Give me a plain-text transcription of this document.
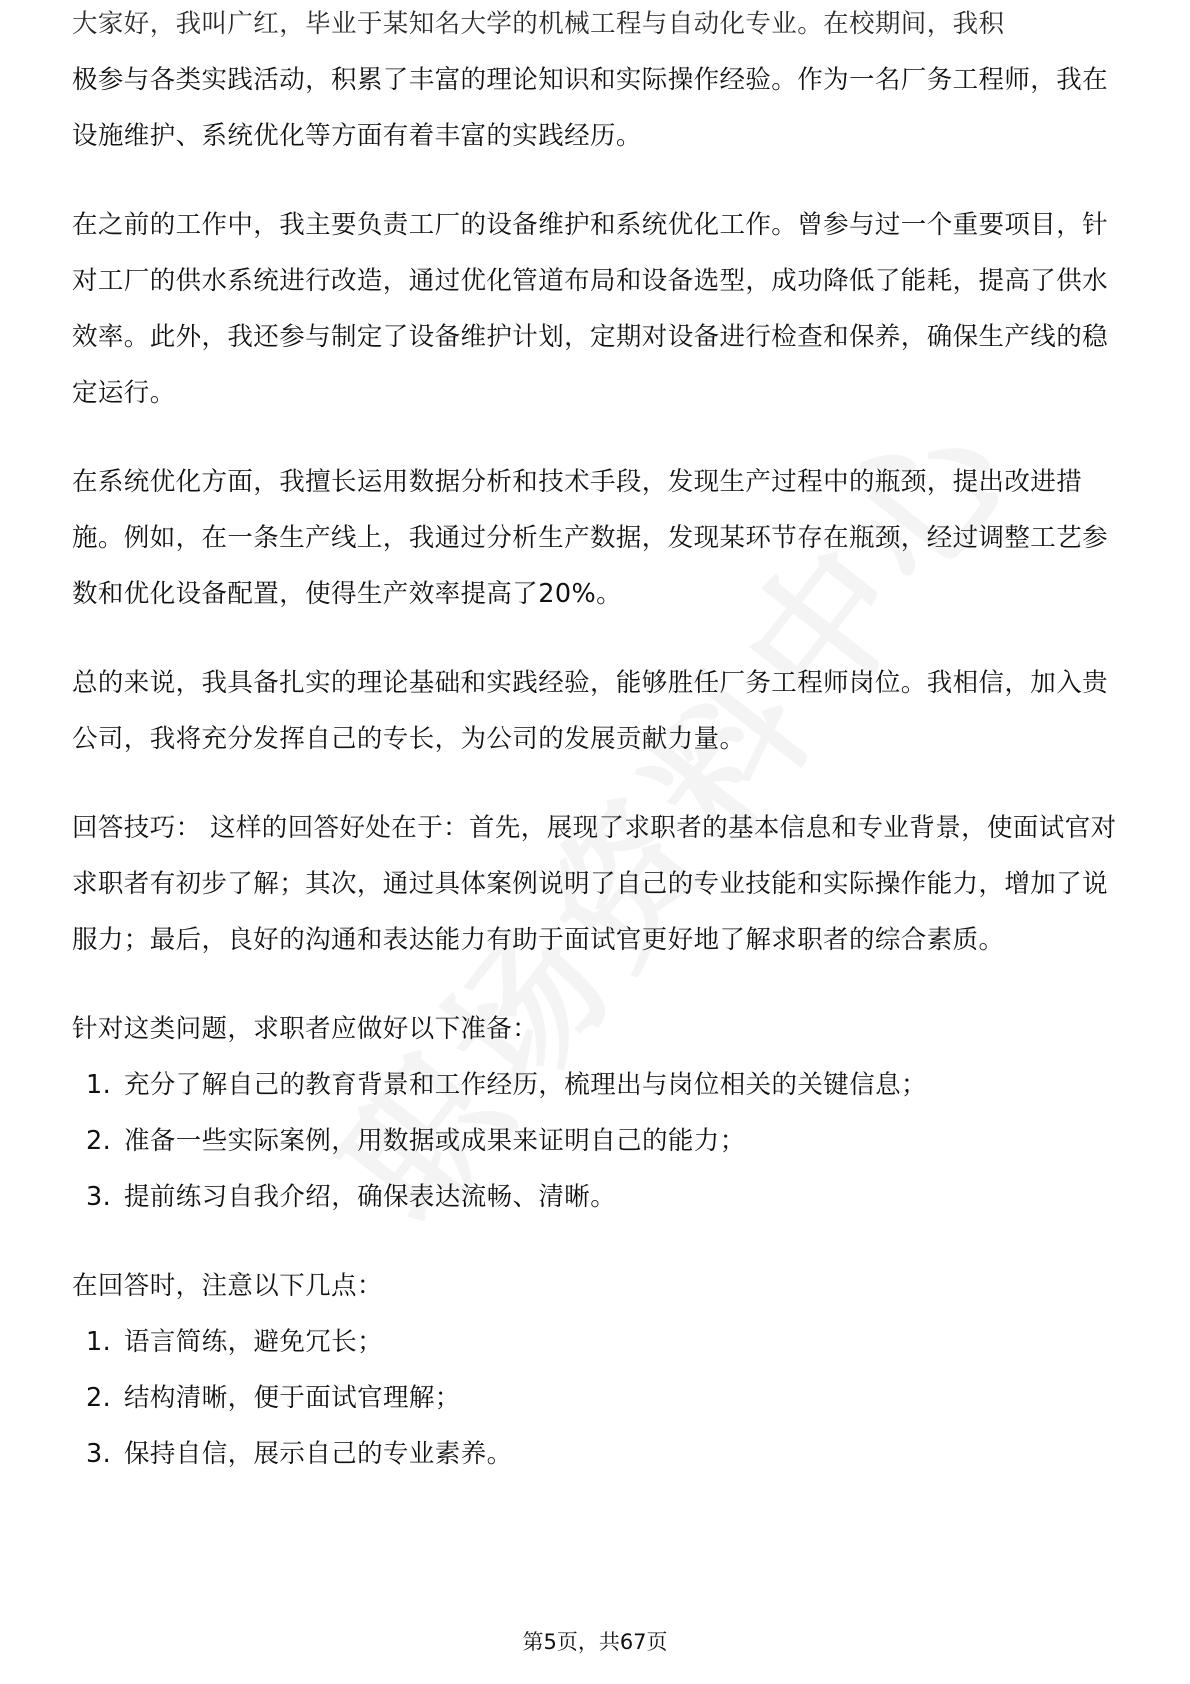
大家好，我叫广红，毕业于某知名大学的机械工程与自动化专业。在校期间，我积

极参与各类实践活动，积累了丰富的理论知识和实际操作经验。作为一名厂务工程师，我在设施维护、系统优化等方面有着丰富的实践经历。

在之前的工作中，我主要负责工厂的设备维护和系统优化工作。曾参与过一个重要项目，针对工厂的供水系统进行改造，通过优化管道布局和设备选型，成功降低了能耗，提高了供水效率。此外，我还参与制定了设备维护计划，定期对设备进行检查和保养，确保生产线的稳定运行。

在系统优化方面，我擅长运用数据分析和技术手段，发现生产过程中的瓶颈，提出改进措施。例如，在一条生产线上，我通过分析生产数据，发现某环节存在瓶颈，经过调整工艺参数和优化设备配置，使得生产效率提高了20%。

总的来说，我具备扎实的理论基础和实践经验，能够胜任厂务工程师岗位。我相信，加入贵公司，我将充分发挥自己的专长，为公司的发展贡献力量。

回答技巧： 这样的回答好处在于：首先，展现了求职者的基本信息和专业背景，使面试官对求职者有初步了解；其次，通过具体案例说明了自己的专业技能和实际操作能力，增加了说服力；最后，良好的沟通和表达能力有助于面试官更好地了解求职者的综合素质。

针对这类问题，求职者应做好以下准备：

1. 充分了解自己的教育背景和工作经历，梳理出与岗位相关的关键信息；
2. 准备一些实际案例，用数据或成果来证明自己的能力；
3. 提前练习自我介绍，确保表达流畅、清晰。

在回答时，注意以下几点：

1. 语言简练，避免冗长；
2. 结构清晰，便于面试官理解；
3. 保持自信，展示自己的专业素养。
第5页，共67页
